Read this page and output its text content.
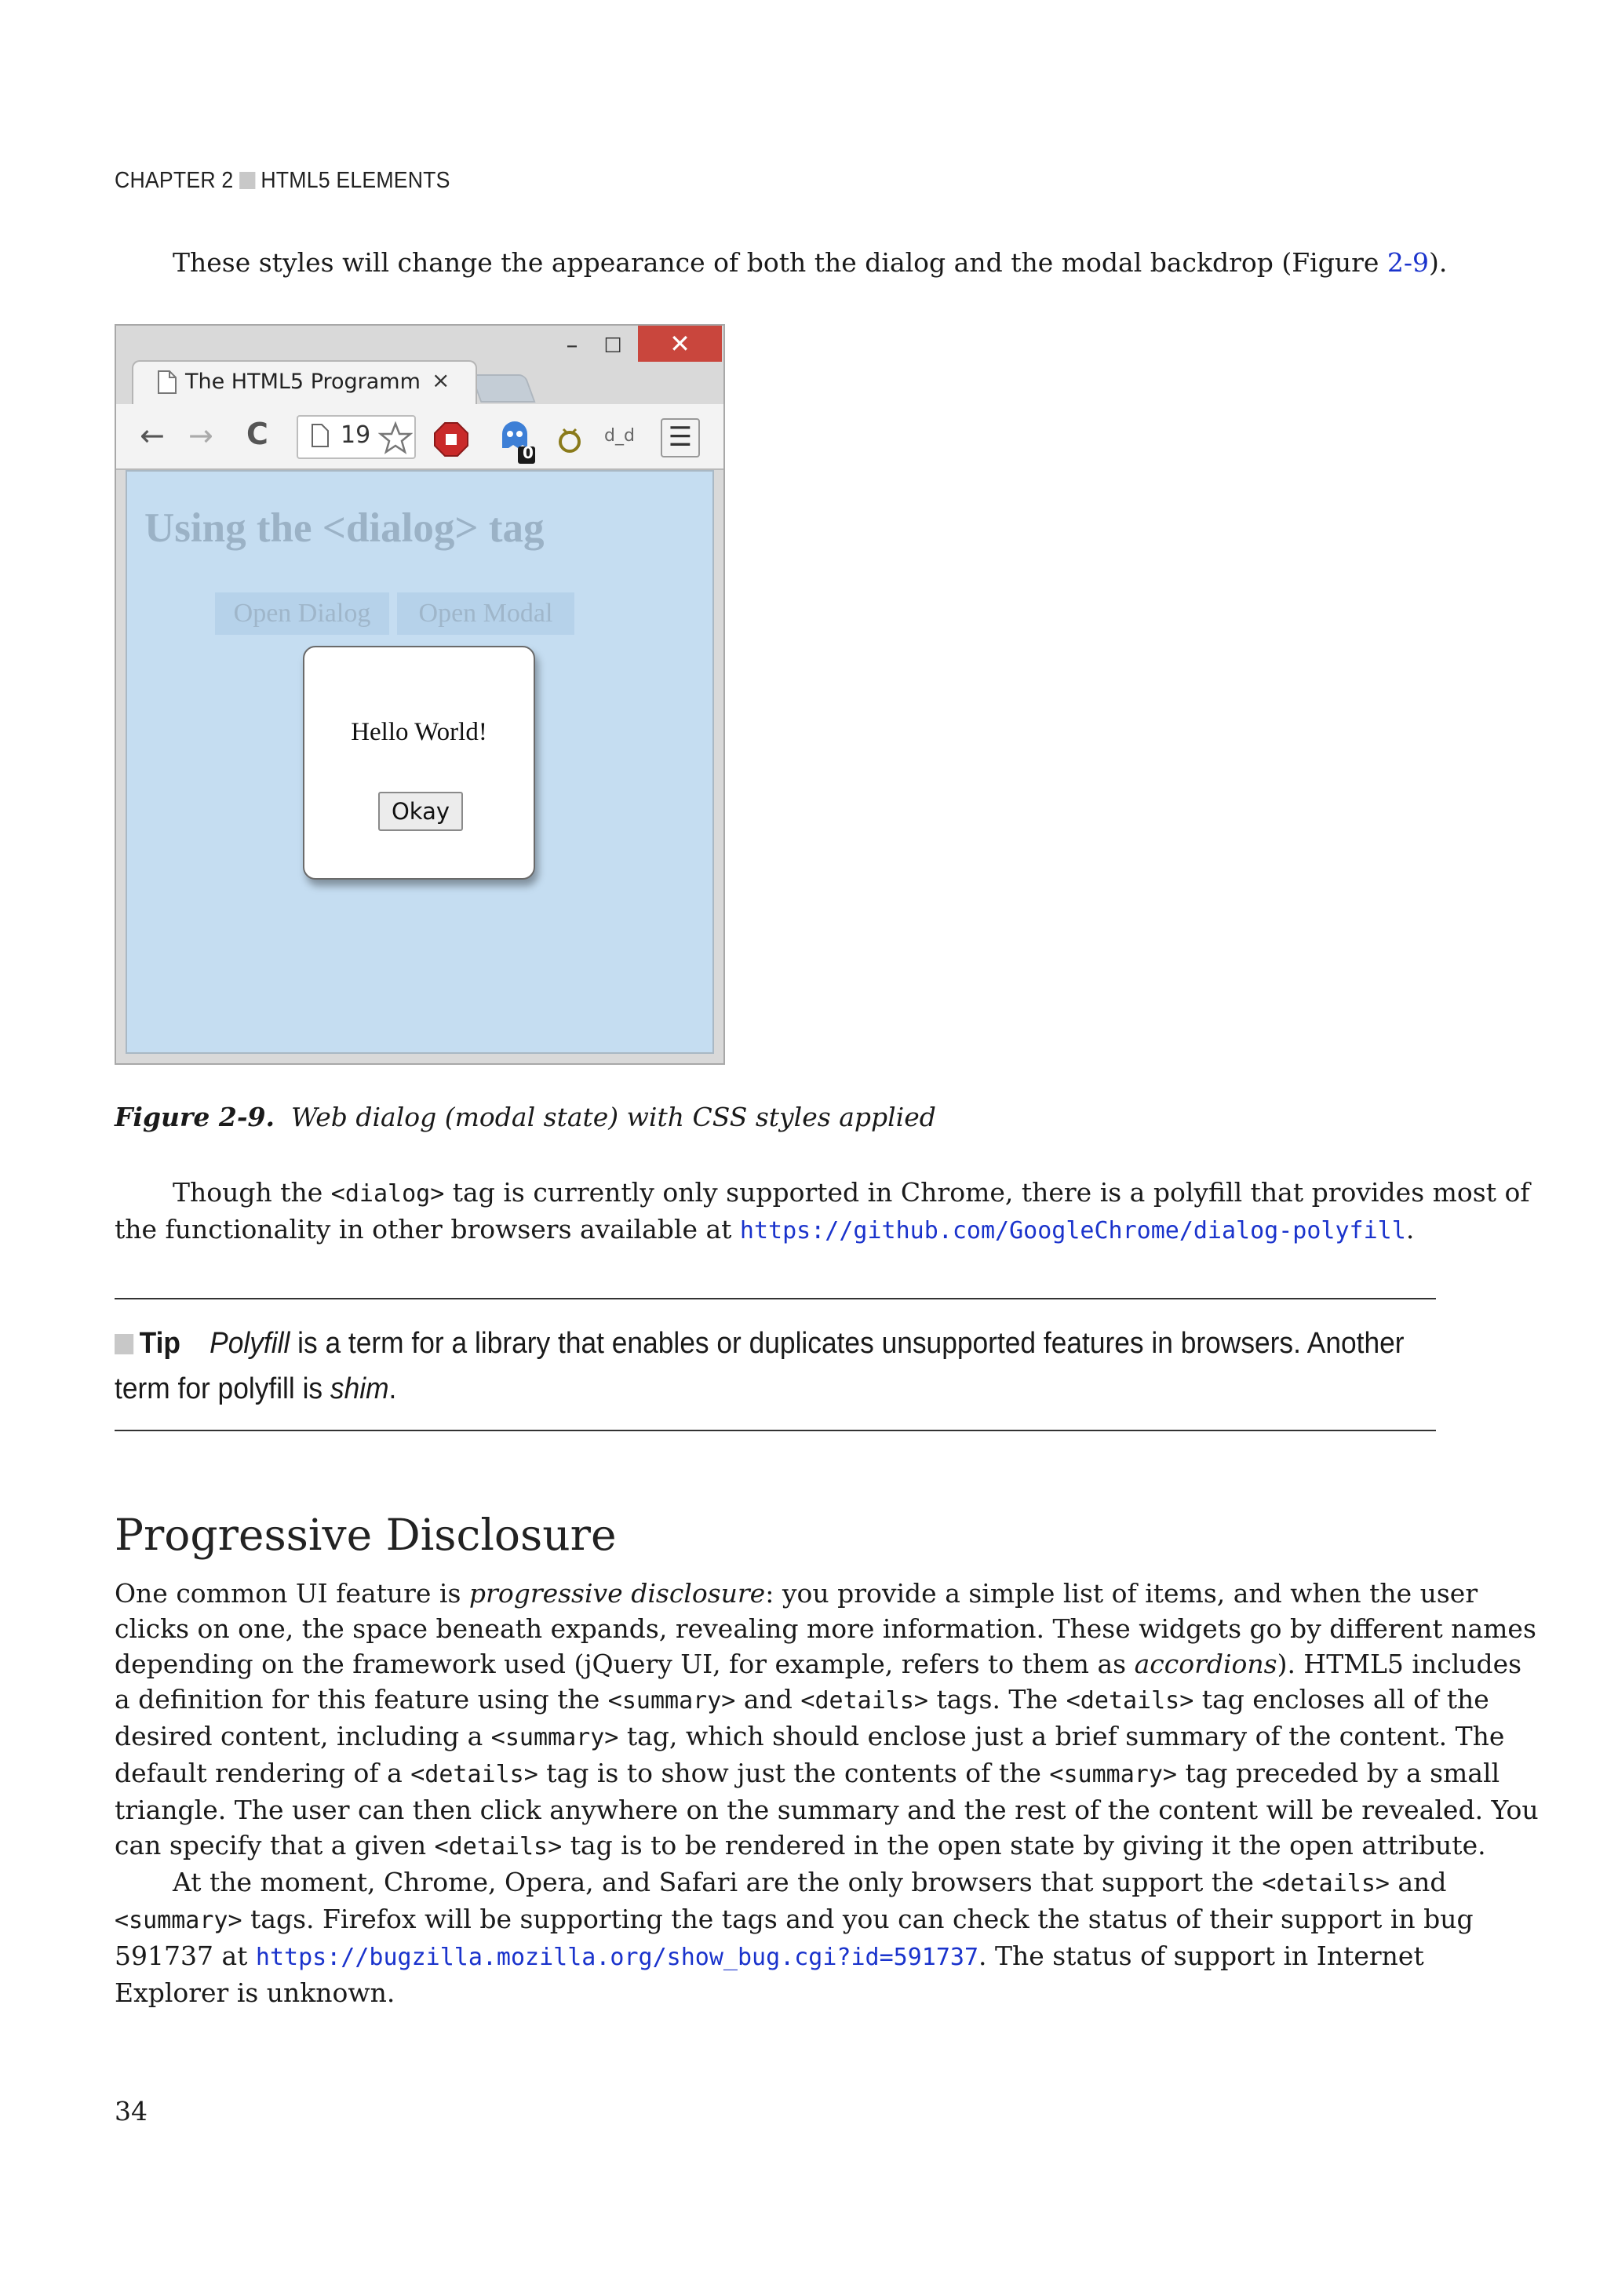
CHAPTER 2 HTML5 ELEMENTS
These styles will change the appearance of both the dialog and the modal backdrop (Figure 2-9).
–	☐	✕
The HTML5 Programm ×
← → C	19
0
d_d ☰
Using the <dialog> tag
Open Dialog	Open Modal
Hello World!
Okay
Figure 2-9. Web dialog (modal state) with CSS styles applied

Though the <dialog> tag is currently only supported in Chrome, there is a polyfill that provides most of

the functionality in other browsers available at https://github.com/GoogleChrome/dialog-polyfill.

Tip Polyfill is a term for a library that enables or duplicates unsupported features in browsers. Another

term for polyfill is shim.

Progressive Disclosure

One common UI feature is progressive disclosure: you provide a simple list of items, and when the user

clicks on one, the space beneath expands, revealing more information. These widgets go by different names

depending on the framework used (jQuery UI, for example, refers to them as accordions). HTML5 includes

a definition for this feature using the <summary> and <details> tags. The <details> tag encloses all of the

desired content, including a <summary> tag, which should enclose just a brief summary of the content. The

default rendering of a <details> tag is to show just the contents of the <summary> tag preceded by a small

triangle. The user can then click anywhere on the summary and the rest of the content will be revealed. You

can specify that a given <details> tag is to be rendered in the open state by giving it the open attribute.

At the moment, Chrome, Opera, and Safari are the only browsers that support the <details> and

<summary> tags. Firefox will be supporting the tags and you can check the status of their support in bug

591737 at https://bugzilla.mozilla.org/show_bug.cgi?id=591737. The status of support in Internet

Explorer is unknown.

34
